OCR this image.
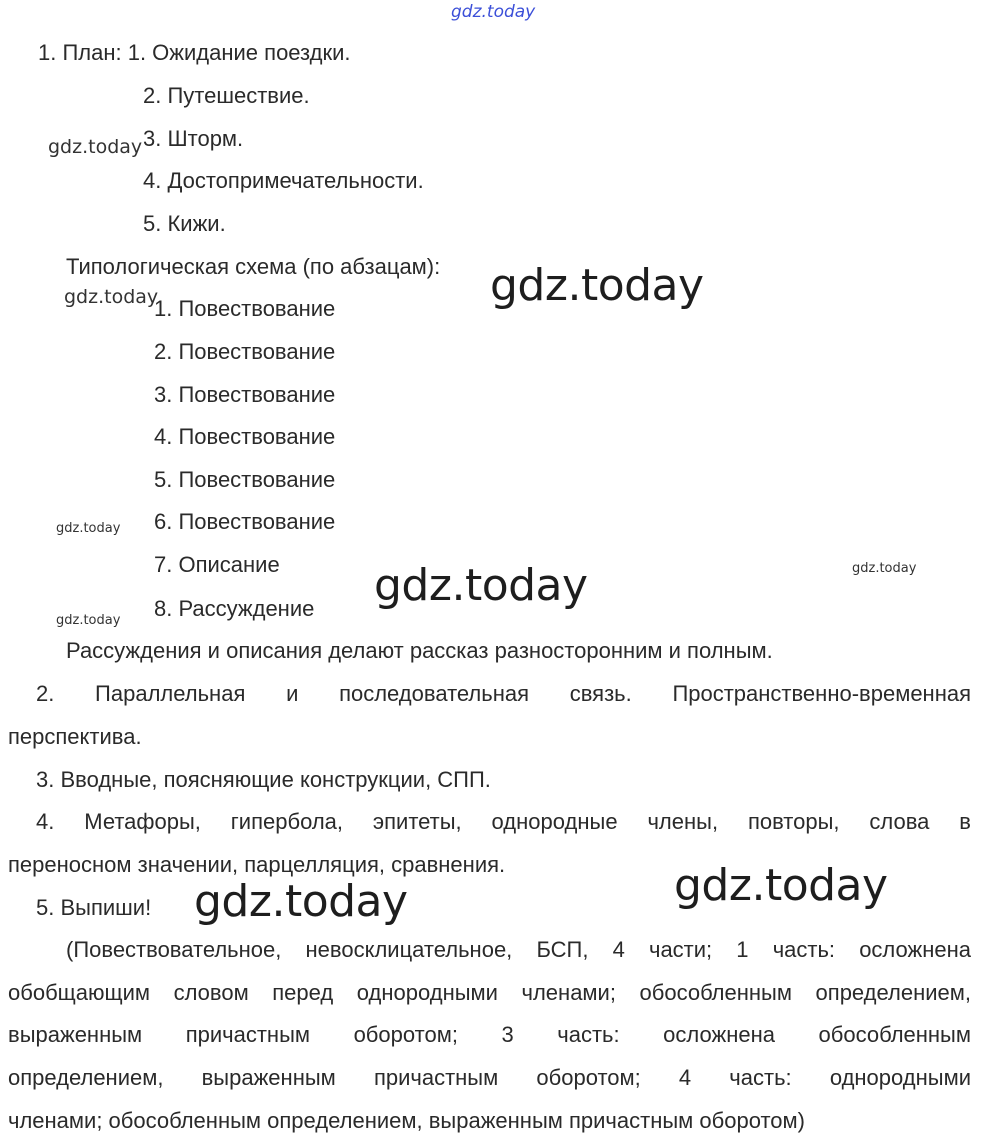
gdz.today
gdz.today
gdz.today	gdz.today
gdz.today
gdz.today	gdz.today
gdz.today
gdz.today
gdz.today
1. План: 1. Ожидание поездки.
2. Путешествие.
3. Шторм.
4. Достопримечательности.
5. Кижи.
Типологическая схема (по абзацам):
1. Повествование
2. Повествование
3. Повествование
4. Повествование
5. Повествование
6. Повествование
7. Описание
8. Рассуждение
Рассуждения и описания делают рассказ разносторонним и полным.
2. Параллельная и последовательная связь. Пространственно-временная
перспектива.
3. Вводные, поясняющие конструкции, СПП.
4. Метафоры, гипербола, эпитеты, однородные члены, повторы, слова в
переносном значении, парцелляция, сравнения.
5. Выпиши!
(Повествовательное, невосклицательное, БСП, 4 части; 1 часть: осложнена
обобщающим словом перед однородными членами; обособленным определением,
выраженным причастным оборотом; 3 часть: осложнена обособленным
определением, выраженным причастным оборотом; 4 часть: однородными
членами; обособленным определением, выраженным причастным оборотом)
